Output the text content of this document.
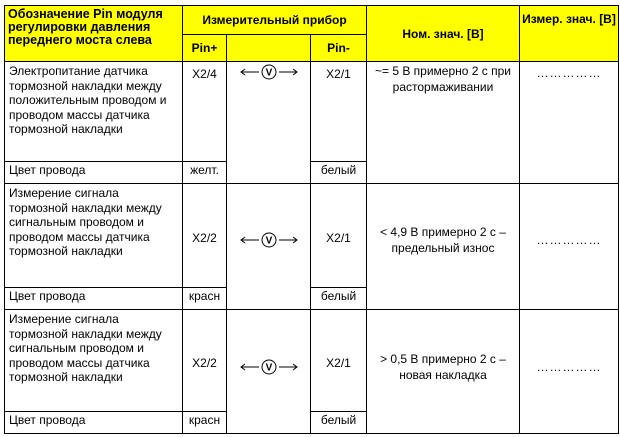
Обозначение Pin модуля регулировки давления переднего моста слева	Измерительный прибор			Ном. знач. [В]	Измер. знач. [В]
	Pin+		Pin-		
Электропитание датчика тормозной накладки между положительным проводом и проводом массы датчика тормозной накладки	X2/4	V	X2/1	~= 5 В примерно 2 с при растормаживании	……………
Цвет провода	желт.		белый		
Измерение сигнала тормозной накладки между сигнальным проводом и проводом массы датчика тормозной накладки	X2/2	V	X2/1	< 4,9 В примерно 2 с – предельный износ	……………
Цвет провода	красн		белый		
Измерение сигнала тормозной накладки между сигнальным проводом и проводом массы датчика тормозной накладки	X2/2	V	X2/1	> 0,5 В примерно 2 с – новая накладка	……………
Цвет провода	красн		белый		
